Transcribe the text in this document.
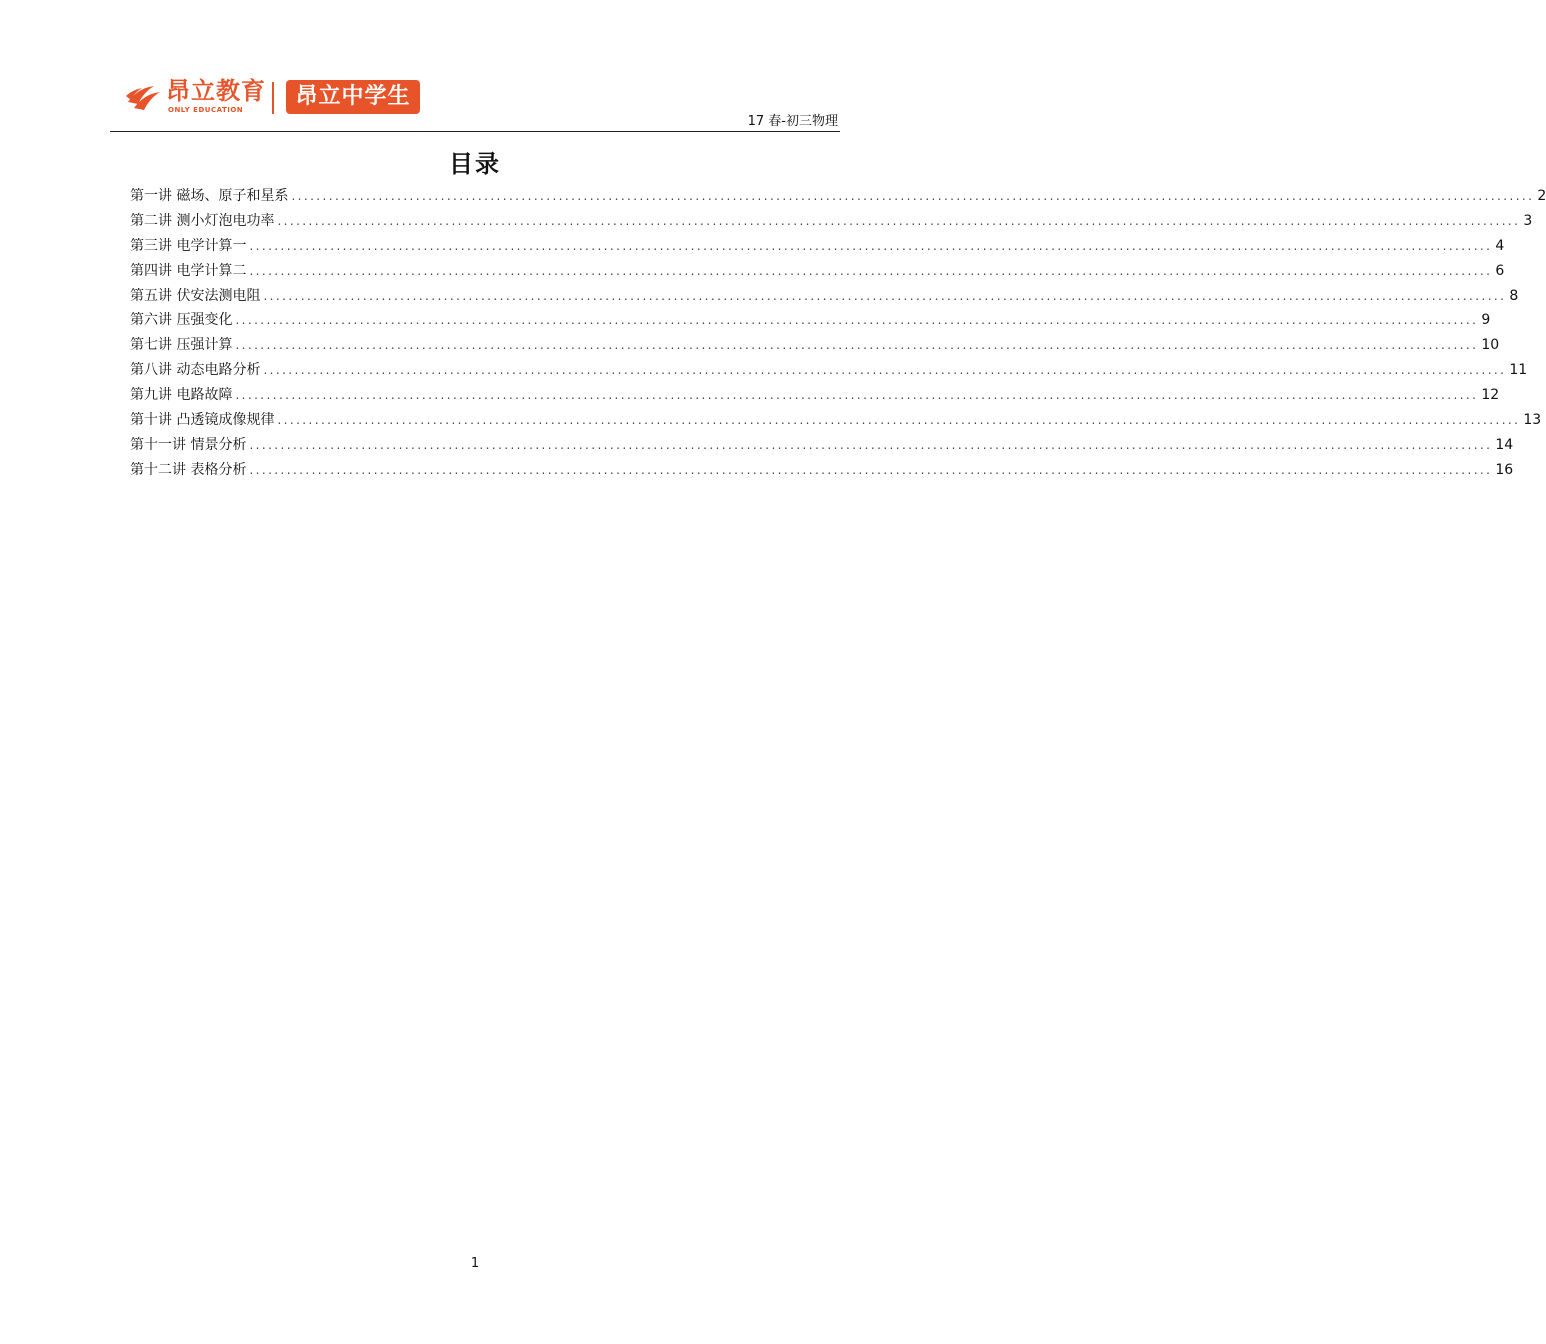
昂立教育
ONLY EDUCATION
昂立中学生
17 春-初三物理
目录
第一讲 磁场、原子和星系 ........................................................................................................................................................................................................ 2
第二讲 测小灯泡电功率 ........................................................................................................................................................................................................ 3
第三讲 电学计算一 ........................................................................................................................................................................................................ 4
第四讲 电学计算二 ........................................................................................................................................................................................................ 6
第五讲 伏安法测电阻 ........................................................................................................................................................................................................ 8
第六讲 压强变化 ........................................................................................................................................................................................................ 9
第七讲 压强计算 ........................................................................................................................................................................................................ 10
第八讲 动态电路分析 ........................................................................................................................................................................................................ 11
第九讲 电路故障 ........................................................................................................................................................................................................ 12
第十讲 凸透镜成像规律 ........................................................................................................................................................................................................ 13
第十一讲 情景分析 ........................................................................................................................................................................................................ 14
第十二讲 表格分析 ........................................................................................................................................................................................................ 16
1
